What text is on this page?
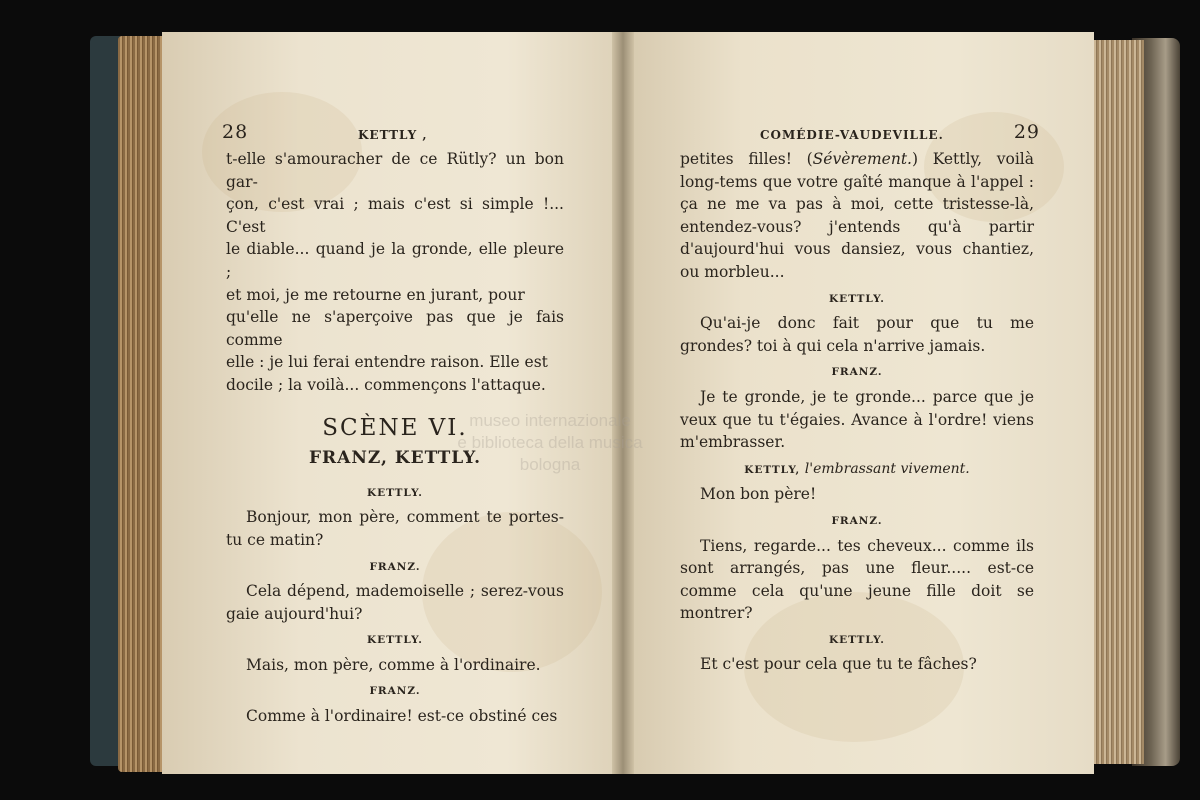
28	KETTLY ,

t-elle s'amouracher de ce Rütly? un bon gar-

çon, c'est vrai ; mais c'est si simple !... C'est

le diable... quand je la gronde, elle pleure ;

et moi, je me retourne en jurant, pour

qu'elle ne s'aperçoive pas que je fais comme

elle : je lui ferai entendre raison. Elle est

docile ; la voilà... commençons l'attaque.

SCÈNE VI.
FRANZ, KETTLY.
KETTLY.

Bonjour, mon père, comment te portes-tu ce matin?

FRANZ.

Cela dépend, mademoiselle ; serez-vous gaie aujourd'hui?

KETTLY.

Mais, mon père, comme à l'ordinaire.

FRANZ.

Comme à l'ordinaire! est-ce obstiné ces

COMÉDIE-VAUDEVILLE.	29

petites filles! (Sévèrement.) Kettly, voilà long-tems que votre gaîté manque à l'appel : ça ne me va pas à moi, cette tristesse-là, entendez-vous? j'entends qu'à partir d'aujourd'hui vous dansiez, vous chantiez, ou morbleu...

KETTLY.

Qu'ai-je donc fait pour que tu me grondes? toi à qui cela n'arrive jamais.

FRANZ.

Je te gronde, je te gronde... parce que je veux que tu t'égaies. Avance à l'ordre! viens m'embrasser.

KETTLY, l'embrassant vivement.

Mon bon père!

FRANZ.

Tiens, regarde... tes cheveux... comme ils sont arrangés, pas une fleur..... est-ce comme cela qu'une jeune fille doit se montrer?

KETTLY.

Et c'est pour cela que tu te fâches?

museo internazionale
e biblioteca della musica
bologna
